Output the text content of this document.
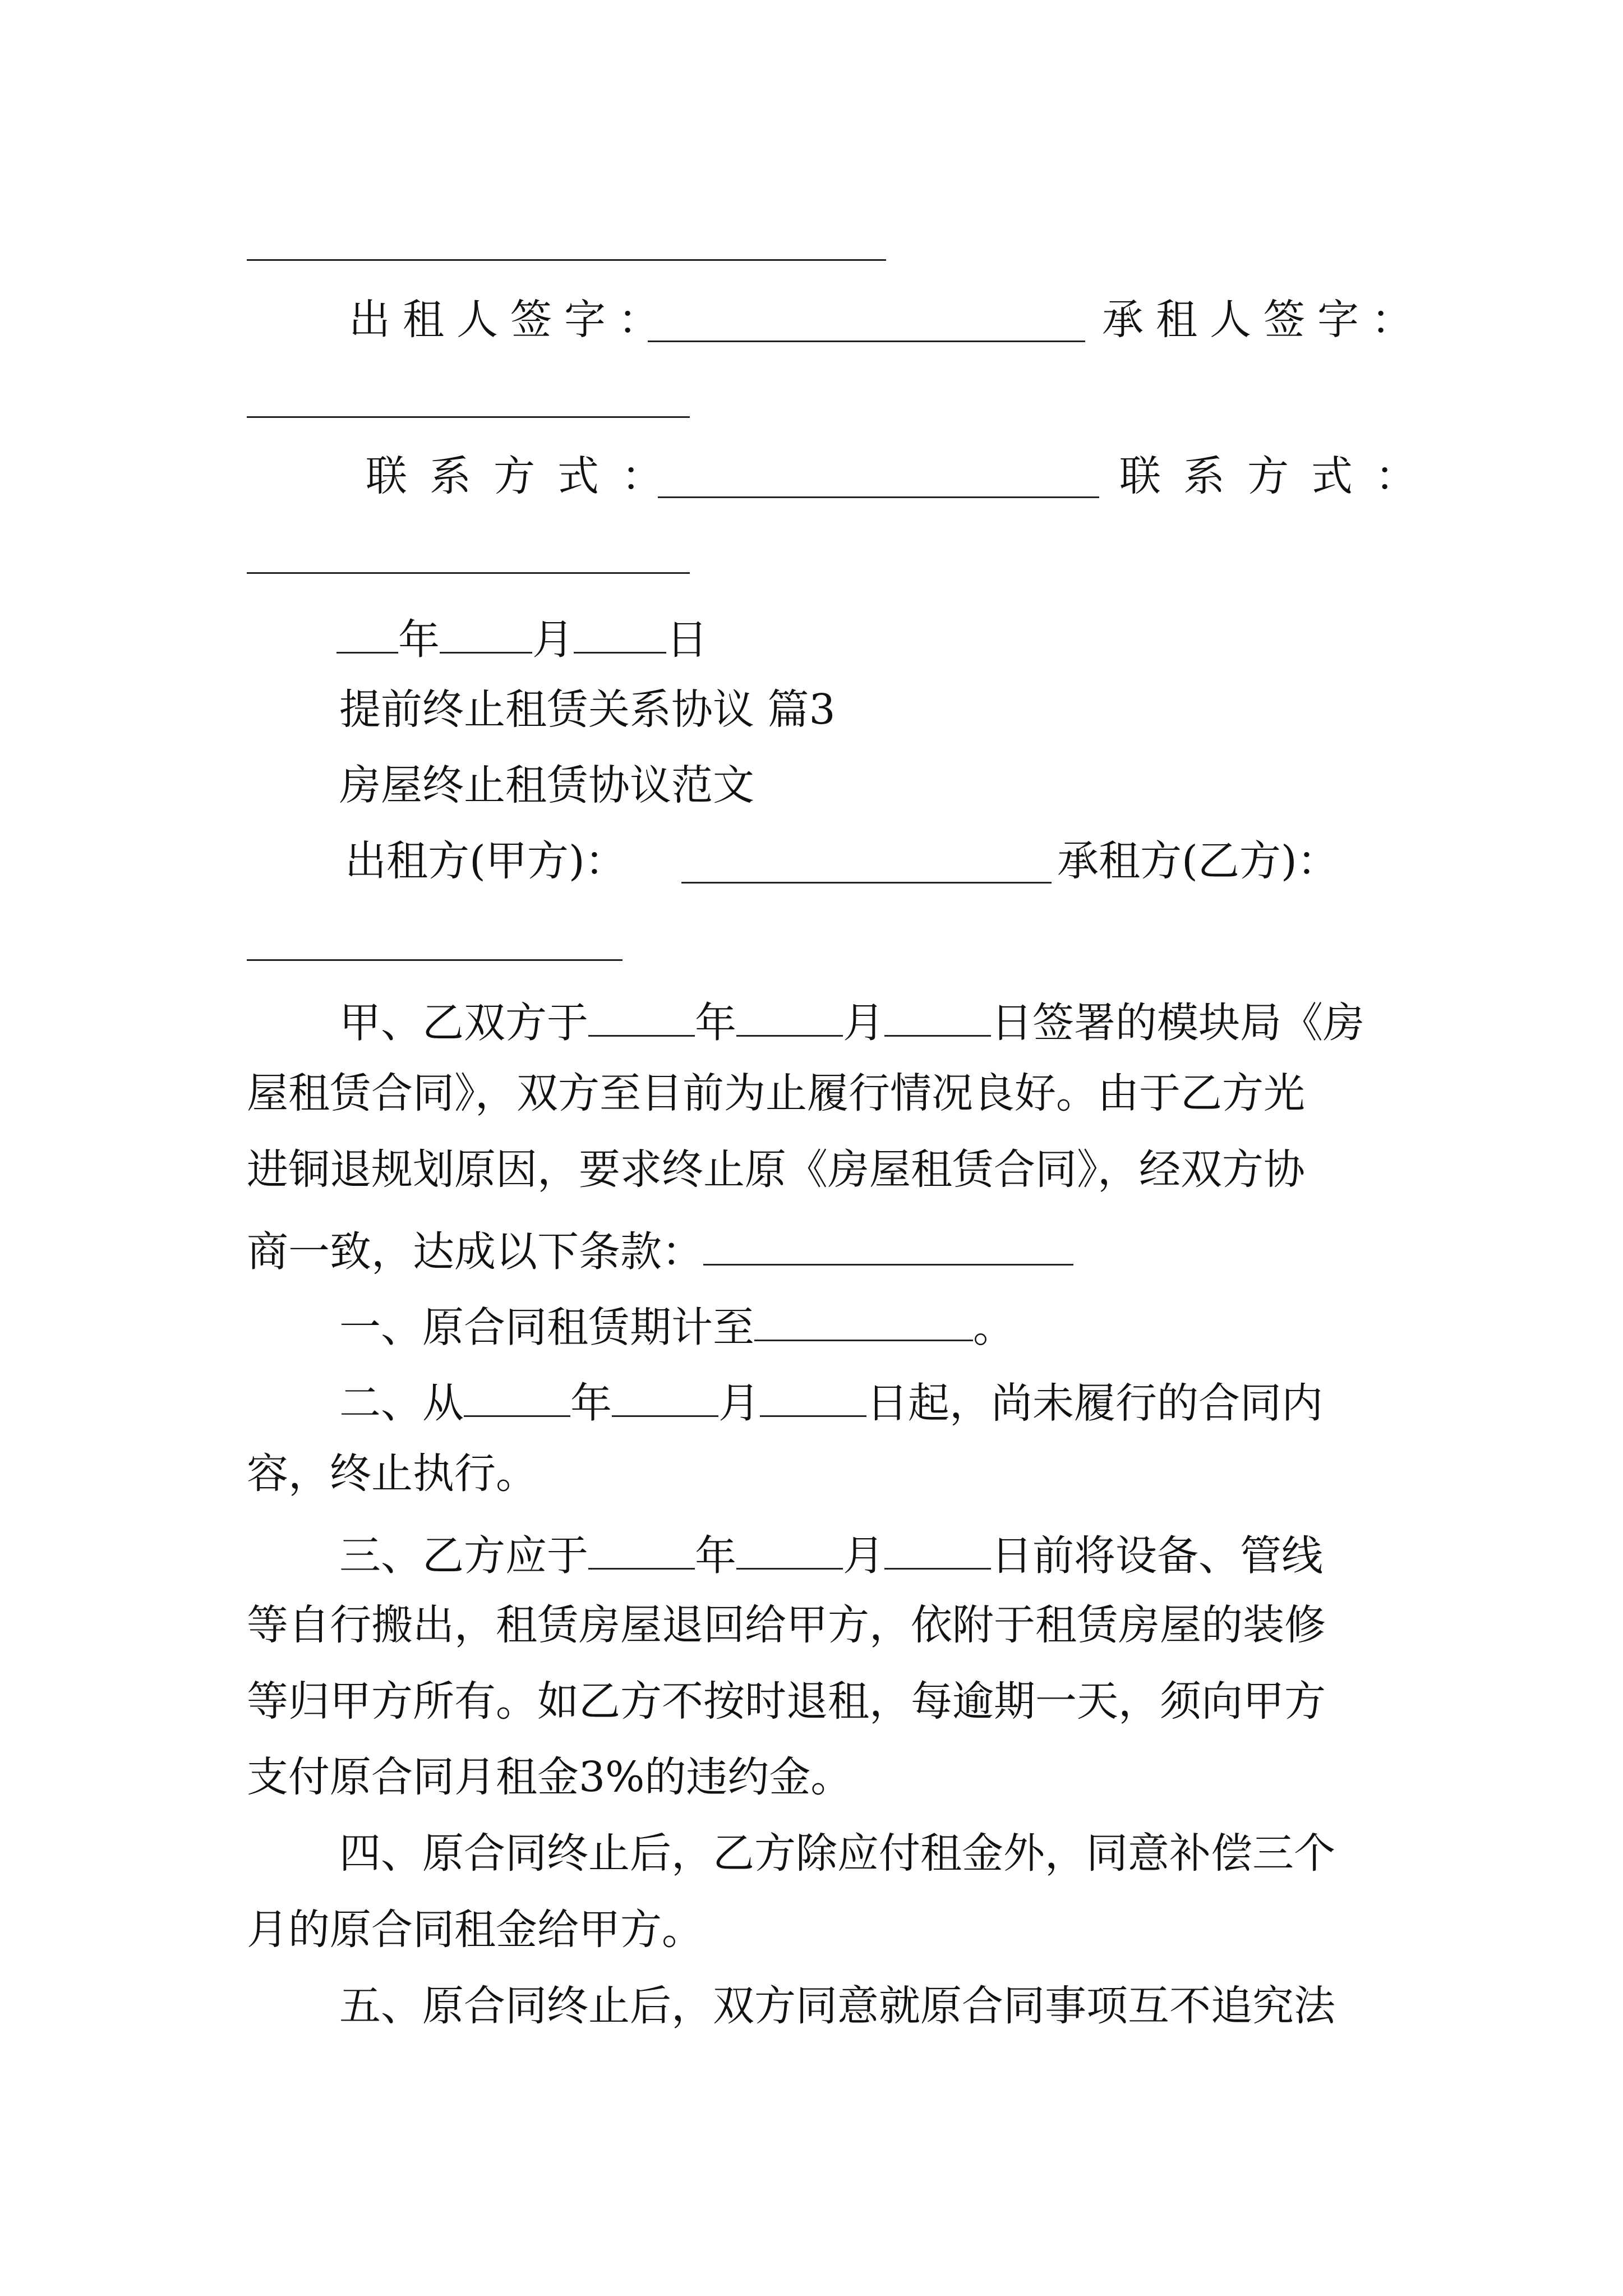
出租人签字：	承租人签字：
联系方式：	联系方式：
年 月 日
提前终止租赁关系协议 篇3
房屋终止租赁协议范文
出租方(甲方)：	承租方(乙方)：
甲、乙双方于	年	月	日签署的模块局《房
屋租赁合同》，双方至目前为止履行情况良好。由于乙方光
进铜退规划原因，要求终止原《房屋租赁合同》，经双方协
商一致，达成以下条款：
一、原合同租赁期计至	。
二、从	年	月	日起，尚未履行的合同内
容，终止执行。
三、乙方应于	年	月	日前将设备、管线
等自行搬出，租赁房屋退回给甲方，依附于租赁房屋的装修
等归甲方所有。如乙方不按时退租，每逾期一天，须向甲方
支付原合同月租金3%的违约金。
四、原合同终止后，乙方除应付租金外，同意补偿三个
月的原合同租金给甲方。
五、原合同终止后，双方同意就原合同事项互不追究法
